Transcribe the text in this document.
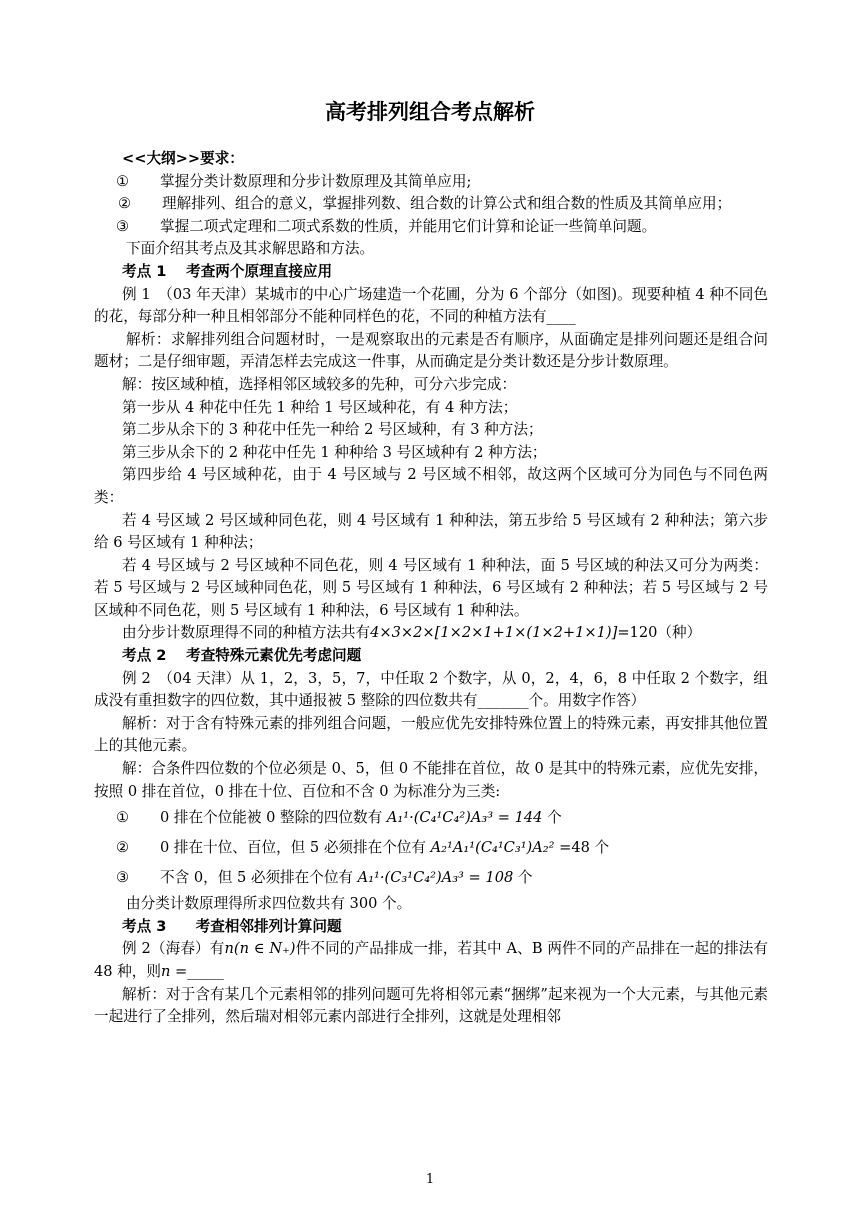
高考排列组合考点解析

<<大纲>>要求：

① 掌握分类计数原理和分步计数原理及其简单应用;

② 理解排列、组合的意义，掌握排列数、组合数的计算公式和组合数的性质及其简单应用；

③ 掌握二项式定理和二项式系数的性质，并能用它们计算和论证一些简单问题。

下面介绍其考点及其求解思路和方法。

考点 1　 考查两个原理直接应用

例 1　（03 年天津）某城市的中心广场建造一个花圃，分为 6 个部分（如图)。现要种植 4 种不同色的花，每部分种一种且相邻部分不能种同样色的花，不同的种植方法有____

解析：求解排列组合问题材时，一是观察取出的元素是否有顺序，从面确定是排列问题还是组合问题材；二是仔细审题，弄清怎样去完成这一件事，从而确定是分类计数还是分步计数原理。

解：按区域种植，选择相邻区域较多的先种，可分六步完成：

第一步从 4 种花中任先 1 种给 1 号区域种花，有 4 种方法；

第二步从余下的 3 种花中任先一种给 2 号区域种，有 3 种方法；

第三步从余下的 2 种花中任先 1 种种给 3 号区域种有 2 种方法；

第四步给 4 号区域种花，由于 4 号区域与 2 号区域不相邻，故这两个区域可分为同色与不同色两类：

若 4 号区域 2 号区域种同色花，则 4 号区域有 1 种种法，第五步给 5 号区域有 2 种种法；第六步给 6 号区域有 1 种种法；

若 4 号区域与 2 号区域种不同色花，则 4 号区域有 1 种种法，面 5 号区域的种法又可分为两类：若 5 号区域与 2 号区域种同色花，则 5 号区域有 1 种种法，6 号区域有 2 种种法；若 5 号区域与 2 号区域种不同色花，则 5 号区域有 1 种种法，6 号区域有 1 种种法。

由分步计数原理得不同的种植方法共有4×3×2×[1×2×1+1×(1×2+1×1)]=120（种）

考点 2　 考查特殊元素优先考虑问题

例 2　（04 天津）从 1，2，3，5，7，中任取 2 个数字，从 0，2，4，6，8 中任取 2 个数字，组成没有重担数字的四位数，其中通报被 5 整除的四位数共有_______个。用数字作答）

解析：对于含有特殊元素的排列组合问题，一般应优先安排特殊位置上的特殊元素，再安排其他位置上的其他元素。

解：合条件四位数的个位必须是 0、5，但 0 不能排在首位，故 0 是其中的特殊元素，应优先安排，按照 0 排在首位，0 排在十位、百位和不含 0 为标准分为三类:

① 0 排在个位能被 0 整除的四位数有 A₁¹·(C₄¹C₄²)A₃³ = 144 个

② 0 排在十位、百位，但 5 必须排在个位有 A₂¹A₁¹(C₄¹C₃¹)A₂² =48 个

③ 不含 0，但 5 必须排在个位有 A₁¹·(C₃¹C₄²)A₃³ = 108 个

由分类计数原理得所求四位数共有 300 个。

考点 3　　考查相邻排列计算问题

例 2（海春）有n(n ∈ N₊)件不同的产品排成一排，若其中 A、B 两件不同的产品排在一起的排法有 48 种，则n =_____

解析：对于含有某几个元素相邻的排列问题可先将相邻元素“捆绑”起来视为一个大元素，与其他元素一起进行了全排列，然后瑞对相邻元素内部进行全排列，这就是处理相邻

1
